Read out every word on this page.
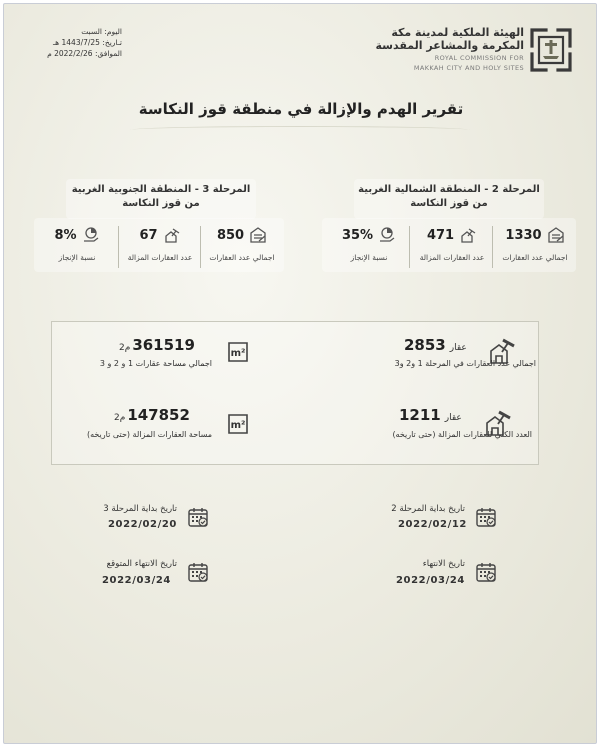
اليوم: السبت
تـاريخ: 1443/7/25 هـ
الموافق: 2022/2/26 م
الهيئة الملكية لمدينة مكة
المكرمة والمشاعر المقدسة
ROYAL COMMISSION FOR
MAKKAH CITY AND HOLY SITES
تقرير الهدم والإزالة في منطقة قوز النكاسة
المرحلة 2 - المنطقة الشمالية الغربية
من قوز النكاسة
1330
اجمالي عدد العقارات
471
عدد العقارات المزالة
35%
نسبة الإنجاز
المرحلة 3 - المنطقة الجنوبية الغربية
من قوز النكاسة
850
اجمالي عدد العقارات
67
عدد العقارات المزالة
8%
نسبة الإنجاز
عقار
2853
اجمالي عدد العقارات في المرحلة 1 و2 و3
m²
361519
م2
اجمالي مساحة عقارات 1 و 2 و 3
عقار
1211
العدد الكلي للعقارات المزالة (حتى تاريخه)
m²
147852
م2
مساحة العقارات المزالة (حتى تاريخه)
تاريخ بداية المرحلة 2
2022/02/12
تاريخ بداية المرحلة 3
2022/02/20
تاريخ الانتهاء
2022/03/24
تاريخ الانتهاء المتوقع
2022/03/24
